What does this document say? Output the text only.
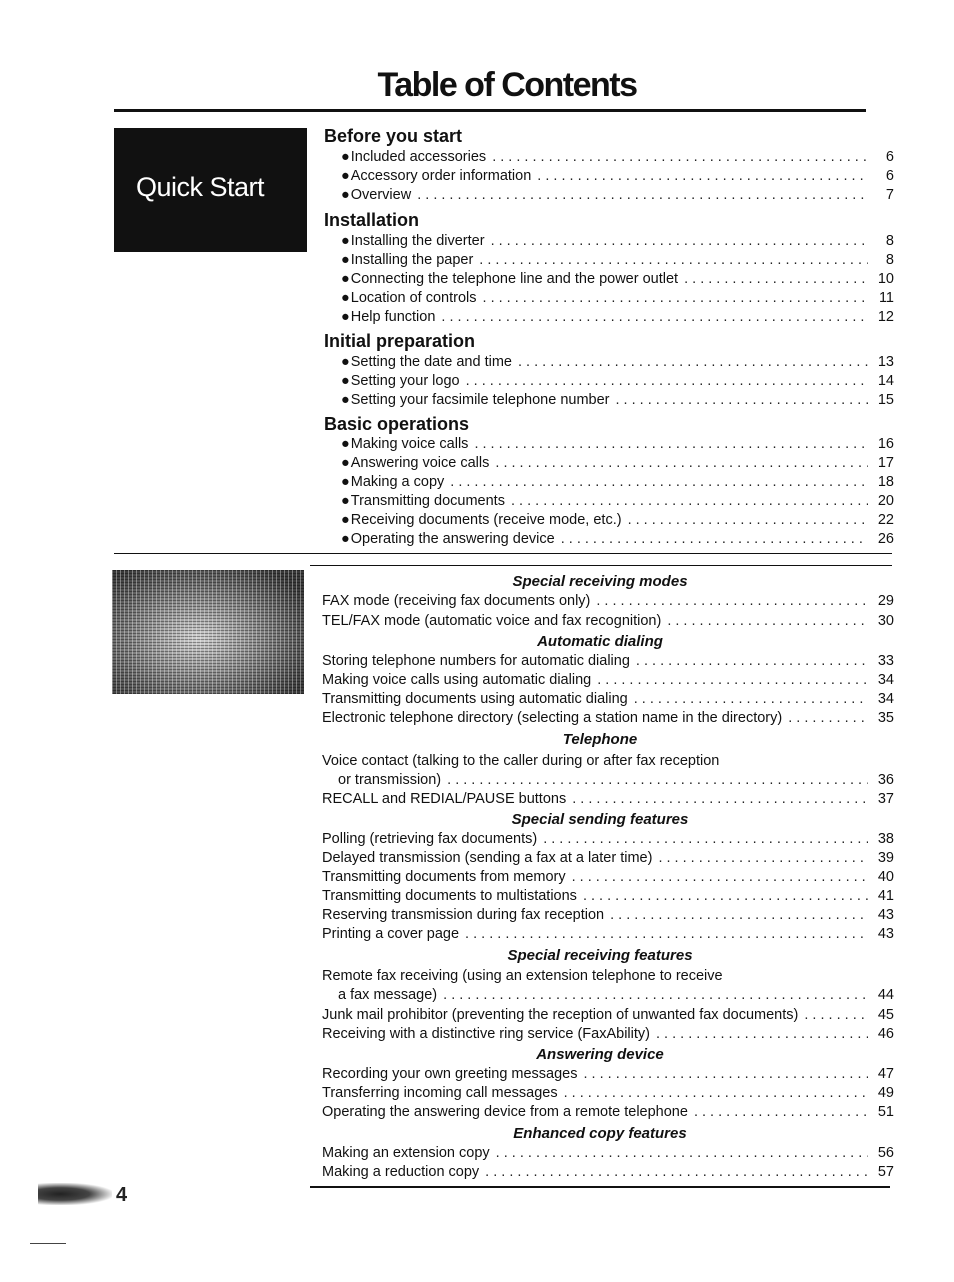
Table of Contents
Quick Start
Before you start
● Included accessories . . .	6
● Accessory order information . . .	6
● Overview . . .	7
Installation
● Installing the diverter . . .	8
● Installing the paper . . .	8
● Connecting the telephone line and the power outlet . . .	10
● Location of controls . . .	11
● Help function . . .	12
Initial preparation
● Setting the date and time . . .	13
● Setting your logo . . .	14
● Setting your facsimile telephone number . . .	15
Basic operations
● Making voice calls . . .	16
● Answering voice calls . . .	17
● Making a copy . . .	18
● Transmitting documents . . .	20
● Receiving documents (receive mode, etc.) . . .	22
● Operating the answering device . . .	26
Special receiving modes
FAX mode (receiving fax documents only) . . .	29
TEL/FAX mode (automatic voice and fax recognition) . . .	30
Automatic dialing
Storing telephone numbers for automatic dialing . . .	33
Making voice calls using automatic dialing . . .	34
Transmitting documents using automatic dialing . . .	34
Electronic telephone directory (selecting a station name in the directory) . . .	35
Telephone
Voice contact (talking to the caller during or after fax reception
or transmission) . . .	36
RECALL and REDIAL/PAUSE buttons . . .	37
Special sending features
Polling (retrieving fax documents) . . .	38
Delayed transmission (sending a fax at a later time) . . .	39
Transmitting documents from memory . . .	40
Transmitting documents to multistations . . .	41
Reserving transmission during fax reception . . .	43
Printing a cover page . . .	43
Special receiving features
Remote fax receiving (using an extension telephone to receive
a fax message) . . .	44
Junk mail prohibitor (preventing the reception of unwanted fax documents) . . .	45
Receiving with a distinctive ring service (FaxAbility) . . .	46
Answering device
Recording your own greeting messages . . .	47
Transferring incoming call messages . . .	49
Operating the answering device from a remote telephone . . .	51
Enhanced copy features
Making an extension copy . . .	56
Making a reduction copy . . .	57
4
